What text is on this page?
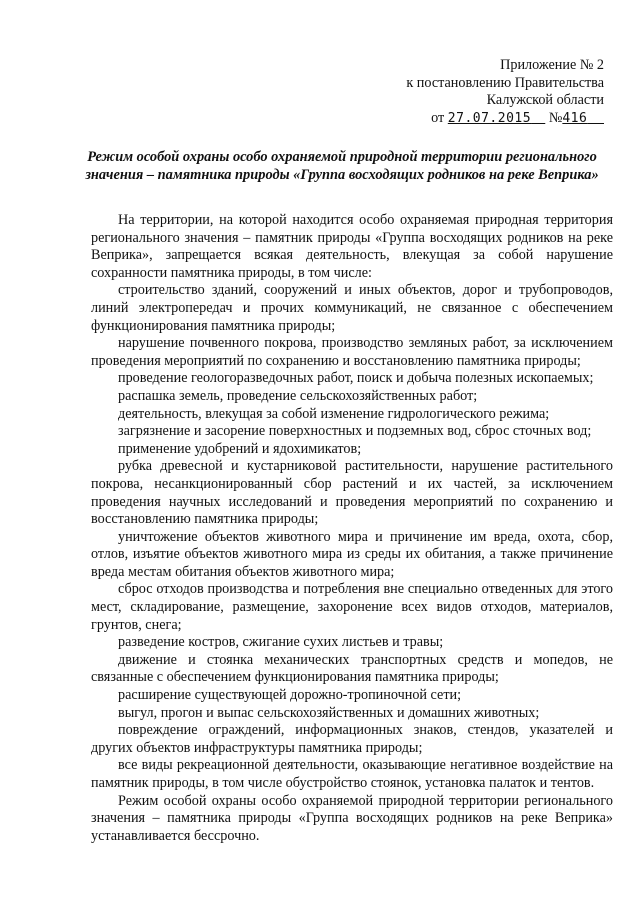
Приложение № 2
к постановлению Правительства
Калужской области
от 27.07.2015 №416
Режим особой охраны особо охраняемой природной территории регионального
значения – памятника природы «Группа восходящих родников на реке Веприка»

На территории, на которой находится особо охраняемая природная территория регионального значения – памятник природы «Группа восходящих родников на реке Веприка», запрещается всякая деятельность, влекущая за собой нарушение сохранности памятника природы, в том числе:

строительство зданий, сооружений и иных объектов, дорог и трубопроводов, линий электропередач и прочих коммуникаций, не связанное с обеспечением функционирования памятника природы;

нарушение почвенного покрова, производство земляных работ, за исключением проведения мероприятий по сохранению и восстановлению памятника природы;

проведение геологоразведочных работ, поиск и добыча полезных ископаемых;

распашка земель, проведение сельскохозяйственных работ;

деятельность, влекущая за собой изменение гидрологического режима;

загрязнение и засорение поверхностных и подземных вод, сброс сточных вод;

применение удобрений и ядохимикатов;

рубка древесной и кустарниковой растительности, нарушение растительного покрова, несанкционированный сбор растений и их частей, за исключением проведения научных исследований и проведения мероприятий по сохранению и восстановлению памятника природы;

уничтожение объектов животного мира и причинение им вреда, охота, сбор, отлов, изъятие объектов животного мира из среды их обитания, а также причинение вреда местам обитания объектов животного мира;

сброс отходов производства и потребления вне специально отведенных для этого мест, складирование, размещение, захоронение всех видов отходов, материалов, грунтов, снега;

разведение костров, сжигание сухих листьев и травы;

движение и стоянка механических транспортных средств и мопедов, не связанные с обеспечением функционирования памятника природы;

расширение существующей дорожно-тропиночной сети;

выгул, прогон и выпас сельскохозяйственных и домашних животных;

повреждение ограждений, информационных знаков, стендов, указателей и других объектов инфраструктуры памятника природы;

все виды рекреационной деятельности, оказывающие негативное воздействие на памятник природы, в том числе обустройство стоянок, установка палаток и тентов.

Режим особой охраны особо охраняемой природной территории регионального значения – памятника природы «Группа восходящих родников на реке Веприка» устанавливается бессрочно.
